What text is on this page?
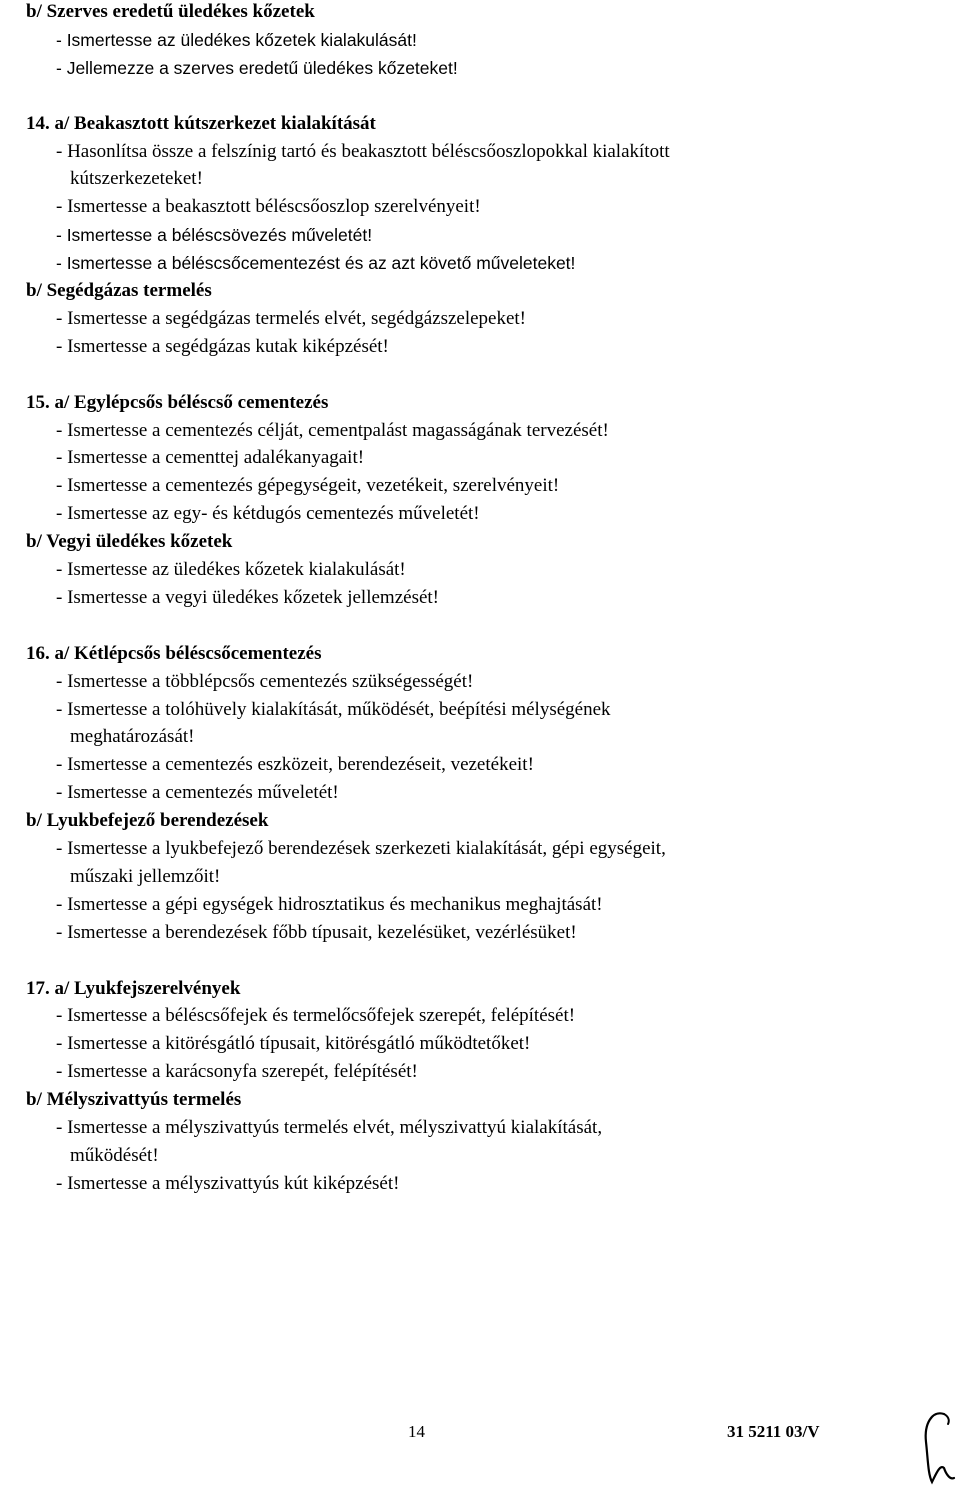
b/ Szerves eredetű üledékes kőzetek
- Ismertesse az üledékes kőzetek kialakulását!
- Jellemezze a szerves eredetű üledékes kőzeteket!
14. a/ Beakasztott kútszerkezet kialakítását
- Hasonlítsa össze a felszínig tartó és beakasztott béléscsőoszlopokkal kialakított
kútszerkezeteket!
- Ismertesse a beakasztott béléscsőoszlop szerelvényeit!
- Ismertesse a béléscsövezés műveletét!
- Ismertesse a béléscsőcementezést és az azt követő műveleteket!
b/ Segédgázas termelés
- Ismertesse a segédgázas termelés elvét, segédgázszelepeket!
- Ismertesse a segédgázas kutak kiképzését!
15. a/ Egylépcsős béléscső cementezés
- Ismertesse a cementezés célját, cementpalást magasságának tervezését!
- Ismertesse a cementtej adalékanyagait!
- Ismertesse a cementezés gépegységeit, vezetékeit, szerelvényeit!
- Ismertesse az egy- és kétdugós cementezés műveletét!
b/ Vegyi üledékes kőzetek
- Ismertesse az üledékes kőzetek kialakulását!
- Ismertesse a vegyi üledékes kőzetek jellemzését!
16. a/ Kétlépcsős béléscsőcementezés
- Ismertesse a többlépcsős cementezés szükségességét!
- Ismertesse a tolóhüvely kialakítását, működését, beépítési mélységének
meghatározását!
- Ismertesse a cementezés eszközeit, berendezéseit, vezetékeit!
- Ismertesse a cementezés műveletét!
b/ Lyukbefejező berendezések
- Ismertesse a lyukbefejező berendezések szerkezeti kialakítását, gépi egységeit,
műszaki jellemzőit!
- Ismertesse a gépi egységek hidrosztatikus és mechanikus meghajtását!
- Ismertesse a berendezések főbb típusait, kezelésüket, vezérlésüket!
17. a/ Lyukfejszerelvények
- Ismertesse a béléscsőfejek és termelőcsőfejek szerepét, felépítését!
- Ismertesse a kitörésgátló típusait, kitörésgátló működtetőket!
- Ismertesse a karácsonyfa szerepét, felépítését!
b/ Mélyszivattyús termelés
- Ismertesse a mélyszivattyús termelés elvét, mélyszivattyú kialakítását,
működését!
- Ismertesse a mélyszivattyús kút kiképzését!
14	31 5211 03/V
